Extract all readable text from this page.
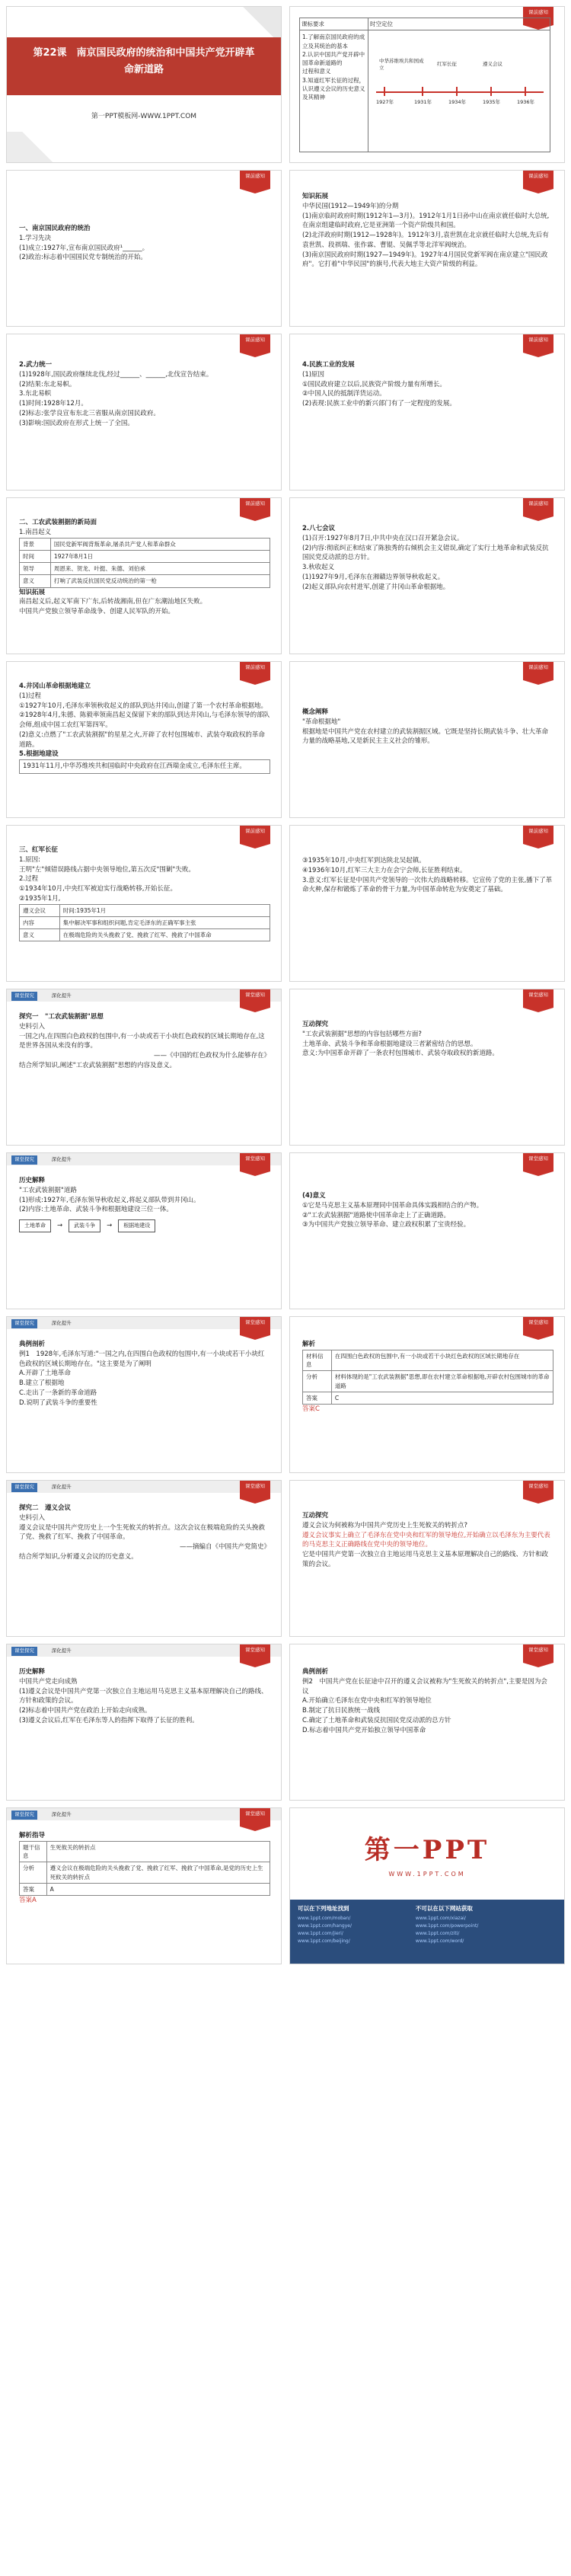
第22课　南京国民政府的统治和中国共产党开辟革命新道路
第一PPT模板网-WWW.1PPT.COM
课前感知
课标要求	时空定位
1.了解南京国民政府的成立及其统治的基本
2.认识中国共产党开辟中国革命新道路的
过程和意义
3.知道红军长征的过程，认识遵义会议的历史意义及其精神
中华苏维埃共和国成立
红军长征	遵义会议
1927年	1931年	1934年	1935年	1936年
课前感知
一、南京国民政府的统治
1.学习先决
(1)成立:1927年,宣布南京国民政府¹______。
(2)政治:标志着中国国民党专制统治的开始。
课前感知
知识拓展
中华民国(1912—1949年)的分期
(1)南京临时政府时期(1912年1—3月)。1912年1月1日孙中山在南京就任临时大总统,在南京组建临时政府,它是亚洲第一个资产阶级共和国。
(2)北洋政府时期(1912—1928年)。1912年3月,袁世凯在北京就任临时大总统,先后有袁世凯、段祺瑞、张作霖、曹锟、吴佩孚等北洋军阀统治。
(3)南京国民政府时期(1927—1949年)。1927年4月国民党新军阀在南京建立"国民政府"。它打着"中华民国"的旗号,代表大地主大资产阶级的利益。
课前感知
2.武力统一
(1)1928年,国民政府继续北伐,经过______、______,北伐宣告结束。
(2)结果:东北易帜。
3.东北易帜
(1)时间:1928年12月。
(2)标志:张学良宣布东北三省服从南京国民政府。
(3)影响:国民政府在形式上统一了全国。
课前感知
4.民族工业的发展
(1)原因
①国民政府建立以后,民族资产阶级力量有所增长。
②中国人民的抵制洋货运动。
(2)表现:民族工业中的新兴部门有了一定程度的发展。
课前感知
二、工农武装割据的新局面
1.南昌起义
背景	国民党新军阀背叛革命,屠杀共产党人和革命群众
时间	1927年8月1日
领导	周恩来、贺龙、叶挺、朱德、刘伯承
意义	打响了武装反抗国民党反动统治的第一枪
知识拓展
南昌起义后,起义军南下广东,后转战湘南,但在广东潮汕地区失败。
中国共产党独立领导革命战争、创建人民军队的开始。
课前感知
2.八七会议
(1)召开:1927年8月7日,中共中央在汉口召开紧急会议。
(2)内容:彻底纠正和结束了陈独秀的右倾机会主义错误,确定了实行土地革命和武装反抗国民党反动派的总方针。
3.秋收起义
(1)1927年9月,毛泽东在湘赣边界领导秋收起义。
(2)起义部队向农村进军,创建了井冈山革命根据地。
课前感知
4.井冈山革命根据地建立
(1)过程
①1927年10月,毛泽东率领秋收起义的部队到达井冈山,创建了第一个农村革命根据地。
②1928年4月,朱德、陈毅率领南昌起义保留下来的部队到达井冈山,与毛泽东领导的部队会师,组成中国工农红军第四军。
(2)意义:点燃了"工农武装割据"的星星之火,开辟了农村包围城市、武装夺取政权的革命道路。
5.根据地建设
1931年11月,中华苏维埃共和国临时中央政府在江西瑞金成立,毛泽东任主席。
课前感知
概念阐释
"革命根据地"
根据地是中国共产党在农村建立的武装割据区域。它既是坚持长期武装斗争、壮大革命力量的战略基地,又是新民主主义社会的雏形。
课前感知
三、红军长征
1.原因:
王明"左"倾错误路线占据中央领导地位,第五次反"围剿"失败。
2.过程
①1934年10月,中央红军被迫实行战略转移,开始长征。
②1935年1月,
遵义会议	时间:1935年1月
内容	集中解决军事和组织问题,肯定毛泽东的正确军事主张
意义	在极端危险的关头挽救了党、挽救了红军、挽救了中国革命
课前感知
③1935年10月,中央红军到达陕北吴起镇。
④1936年10月,红军三大主力在会宁会师,长征胜利结束。
3.意义:红军长征是中国共产党领导的一次伟大的战略转移。它宣传了党的主张,播下了革命火种,保存和锻炼了革命的骨干力量,为中国革命转危为安奠定了基础。
课堂探究	深化提升	课堂感知
探究一　"工农武装割据"思想
史料引入
一国之内,在四围白色政权的包围中,有一小块或若干小块红色政权的区域长期地存在,这是世界各国从来没有的事。
——《中国的红色政权为什么能够存在》
结合所学知识,阐述"工农武装割据"思想的内容及意义。
课堂感知
互动探究
"工农武装割据"思想的内容包括哪些方面?
土地革命、武装斗争和革命根据地建设三者紧密结合的思想。
意义:为中国革命开辟了一条农村包围城市、武装夺取政权的新道路。
课堂探究	深化提升	课堂感知
历史解释
"工农武装割据"道路
(1)形成:1927年,毛泽东领导秋收起义,将起义部队带到井冈山。
(2)内容:土地革命、武装斗争和根据地建设三位一体。
土地革命	→	武装斗争	→	根据地建设
课堂感知
(4)意义
①它是马克思主义基本原理同中国革命具体实践相结合的产物。
②"工农武装割据"道路使中国革命走上了正确道路。
③为中国共产党独立领导革命、建立政权积累了宝贵经验。
课堂探究	深化提升	课堂感知
典例剖析
例1　1928年,毛泽东写道:"一国之内,在四围白色政权的包围中,有一小块或若干小块红色政权的区域长期地存在。"这主要是为了阐明
A.开辟了土地革命
B.建立了根据地
C.走出了一条新的革命道路
D.说明了武装斗争的重要性
课堂感知
解析
材料信息	在四围白色政权的包围中,有一小块或若干小块红色政权的区域长期地存在
分析	材料体现的是"工农武装割据"思想,即在农村建立革命根据地,开辟农村包围城市的革命道路
答案	C
答案C
课堂探究	深化提升	课堂感知
探究二　遵义会议
史料引入
遵义会议是中国共产党历史上一个生死攸关的转折点。这次会议在极端危险的关头挽救了党、挽救了红军、挽救了中国革命。
——摘编自《中国共产党简史》
结合所学知识,分析遵义会议的历史意义。
课堂感知
互动探究
遵义会议为何被称为中国共产党历史上生死攸关的转折点?
遵义会议事实上确立了毛泽东在党中央和红军的领导地位,开始确立以毛泽东为主要代表的马克思主义正确路线在党中央的领导地位。
它是中国共产党第一次独立自主地运用马克思主义基本原理解决自己的路线、方针和政策的会议。
课堂探究	深化提升	课堂感知
历史解释
中国共产党走向成熟
(1)遵义会议是中国共产党第一次独立自主地运用马克思主义基本原理解决自己的路线、方针和政策的会议。
(2)标志着中国共产党在政治上开始走向成熟。
(3)遵义会议后,红军在毛泽东等人的指挥下取得了长征的胜利。
课堂感知
典例剖析
例2　中国共产党在长征途中召开的遵义会议被称为"生死攸关的转折点",主要是因为会议
A.开始确立毛泽东在党中央和红军的领导地位
B.制定了抗日民族统一战线
C.确定了土地革命和武装反抗国民党反动派的总方针
D.标志着中国共产党开始独立领导中国革命
课堂探究	深化提升	课堂感知
解析指导
题干信息	生死攸关的转折点
分析	遵义会议在极端危险的关头挽救了党、挽救了红军、挽救了中国革命,是党的历史上生死攸关的转折点
答案	A
答案A
第一PPT
WWW.1PPT.COM
可以在下列地址找到
www.1ppt.com/moban/
www.1ppt.com/hangye/
www.1ppt.com/jieri/
www.1ppt.com/beijing/

不可以在以下网站获取
www.1ppt.com/xiazai/
www.1ppt.com/powerpoint/
www.1ppt.com/ziti/
www.1ppt.com/word/
